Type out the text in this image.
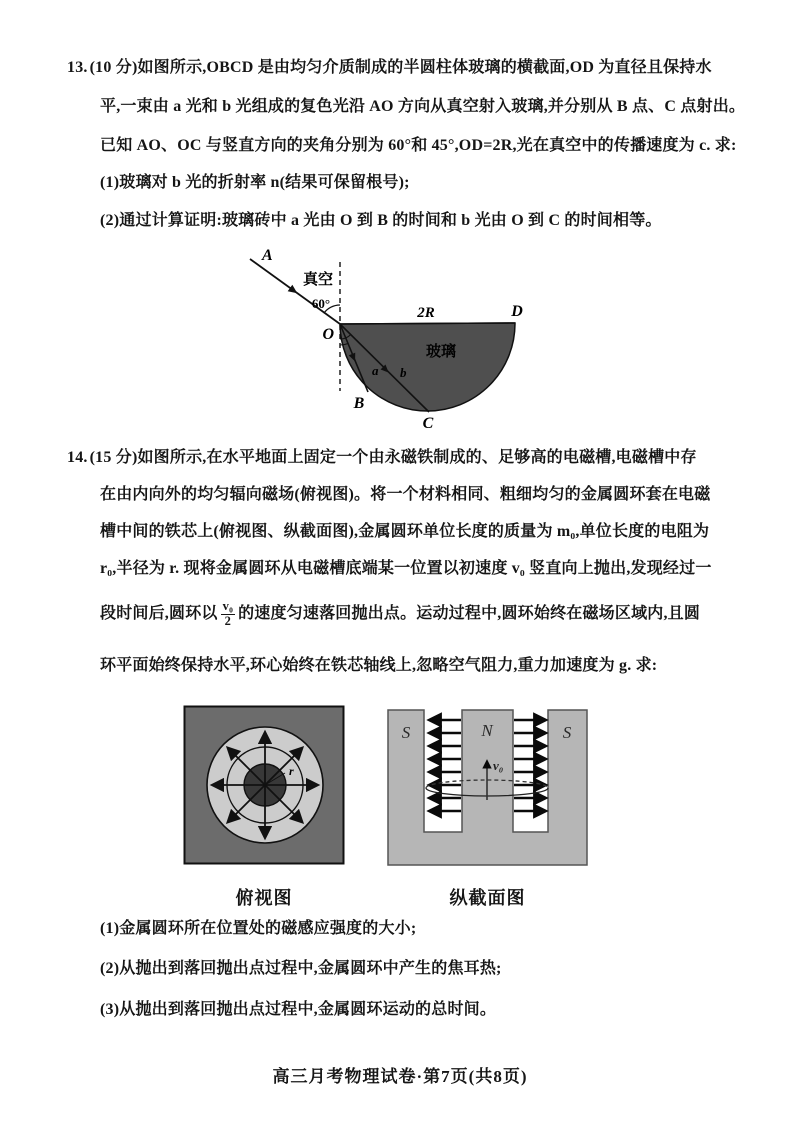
13. (10 分)如图所示,OBCD 是由均匀介质制成的半圆柱体玻璃的横截面,OD 为直径且保持水
平,一束由 a 光和 b 光组成的复色光沿 AO 方向从真空射入玻璃,并分别从 B 点、C 点射出。
已知 AO、OC 与竖直方向的夹角分别为 60°和 45°,OD=2R,光在真空中的传播速度为 c. 求:
(1)玻璃对 b 光的折射率 n(结果可保留根号);
(2)通过计算证明:玻璃砖中 a 光由 O 到 B 的时间和 b 光由 O 到 C 的时间相等。
A
真空
60°
O
2R	D
玻璃
a b
B
C
14. (15 分)如图所示,在水平地面上固定一个由永磁铁制成的、足够高的电磁槽,电磁槽中存
在由内向外的均匀辐向磁场(俯视图)。将一个材料相同、粗细均匀的金属圆环套在电磁
槽中间的铁芯上(俯视图、纵截面图),金属圆环单位长度的质量为 m₀,单位长度的电阻为
r₀,半径为 r. 现将金属圆环从电磁槽底端某一位置以初速度 v₀ 竖直向上抛出,发现经过一
段时间后,圆环以 $\frac{\text{v₀}}{2}$ 的速度匀速落回抛出点。运动过程中,圆环始终在磁场区域内,且圆
环平面始终保持水平,环心始终在铁芯轴线上,忽略空气阻力,重力加速度为 g. 求:
r
俯视图
v₀
S	N	S
纵截面图
(1)金属圆环所在位置处的磁感应强度的大小;
(2)从抛出到落回抛出点过程中,金属圆环中产生的焦耳热;
(3)从抛出到落回抛出点过程中,金属圆环运动的总时间。
高三月考物理试卷·第7页(共8页)
